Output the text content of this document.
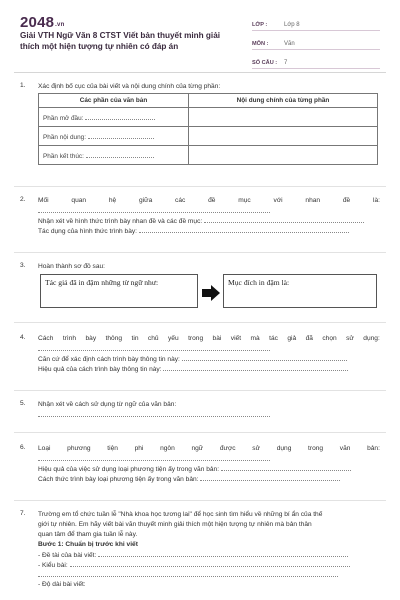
2048.vn
Giải VTH Ngữ Văn 8 CTST Viết bản thuyết minh giải thích một hiện tượng tự nhiên có đáp án
LỚP :	Lớp 8
MÔN :	Văn
SỐ CÂU :	7
1.	Xác định bố cục của bài viết và nội dung chính của từng phần:
Các phần của văn bản	Nội dung chính của từng phần
Phần mở đầu:	
Phần nội dung:	
Phần kết thúc:	
2.	Mối	quan	hệ	giữa	các	đề	mục	với	nhan	đề	là:
Nhận xét về hình thức trình bày nhan đề và các đề mục:
Tác dụng của hình thức trình bày:
3.	Hoàn thành sơ đồ sau:
Tác giả đã in đậm những từ ngữ như:	Mục đích in đậm là:
4.	Cách trình bày thông tin chủ yếu trong bài viết mà tác giả đã chọn sử dụng:
Căn cứ để xác định cách trình bày thông tin này:
Hiệu quả của cách trình bày thông tin này:
5.	Nhận xét về cách sử dụng từ ngữ của văn bản:
6.	Loại	phương	tiện	phi	ngôn	ngữ	được	sử	dụng	trong	văn	bản:
Hiệu quả của việc sử dụng loại phương tiện ấy trong văn bản:
Cách thức trình bày loại phương tiện ấy trong văn bản:
7.	Trường em tổ chức tuần lễ "Nhà khoa học tương lai" để học sinh tìm hiểu về những bí ẩn của thế
giới tự nhiên. Em hãy viết bài văn thuyết minh giải thích một hiện tượng tự nhiên mà bản thân
quan tâm để tham gia tuần lễ này.
Bước 1: Chuẩn bị trước khi viết
- Đề tài của bài viết:
- Kiểu bài:
- Độ dài bài viết:
